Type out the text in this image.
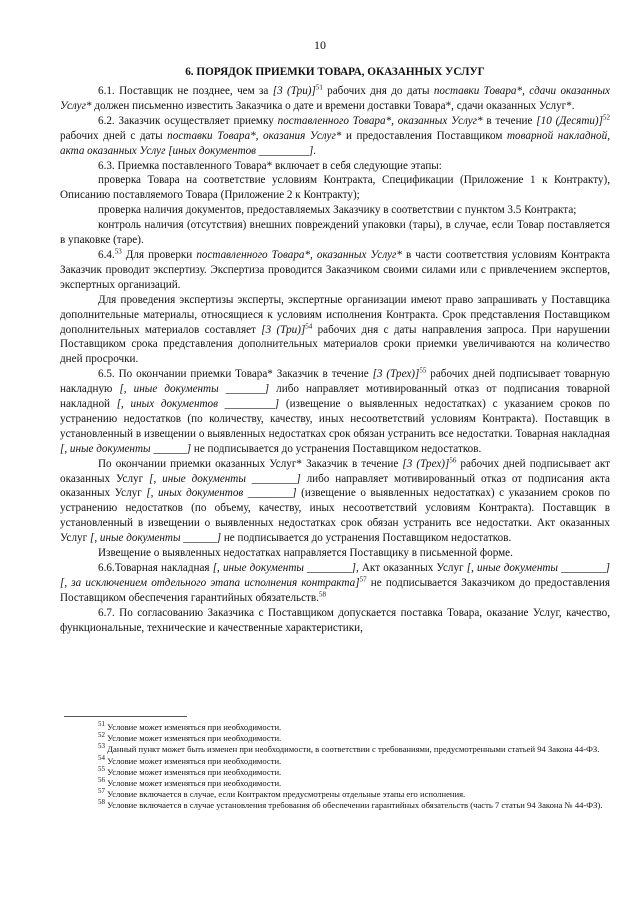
10
6. ПОРЯДОК ПРИЕМКИ ТОВАРА, ОКАЗАННЫХ УСЛУГ

6.1. Поставщик не позднее, чем за [3 (Три)]$^{51}$ рабочих дня до даты поставки Товара*, сдачи оказанных Услуг* должен письменно известить Заказчика о дате и времени доставки Товара*, сдачи оказанных Услуг*.

6.2. Заказчик осуществляет приемку поставленного Товара*, оказанных Услуг* в течение [10 (Десяти)]$^{52}$ рабочих дней с даты поставки Товара*, оказания Услуг* и предоставления Поставщиком товарной накладной, акта оказанных Услуг [иных документов _________].

6.3. Приемка поставленного Товара* включает в себя следующие этапы:

проверка Товара на соответствие условиям Контракта, Спецификации (Приложение 1 к Контракту), Описанию поставляемого Товара (Приложение 2 к Контракту);

проверка наличия документов, предоставляемых Заказчику в соответствии с пунктом 3.5 Контракта;

контроль наличия (отсутствия) внешних повреждений упаковки (тары), в случае, если Товар поставляется в упаковке (таре).

6.4.53 Для проверки поставленного Товара*, оказанных Услуг* в части соответствия условиям Контракта Заказчик проводит экспертизу. Экспертиза проводится Заказчиком своими силами или с привлечением экспертов, экспертных организаций.

Для проведения экспертизы эксперты, экспертные организации имеют право запрашивать у Поставщика дополнительные материалы, относящиеся к условиям исполнения Контракта. Срок представления Поставщиком дополнительных материалов составляет [3 (Три)]$^{54}$ рабочих дня с даты направления запроса. При нарушении Поставщиком срока представления дополнительных материалов сроки приемки увеличиваются на количество дней просрочки.

6.5. По окончании приемки Товара* Заказчик в течение [3 (Трех)]$^{55}$ рабочих дней подписывает товарную накладную [, иные документы _______] либо направляет мотивированный отказ от подписания товарной накладной [, иных документов _________] (извещение о выявленных недостатках) с указанием сроков по устранению недостатков (по количеству, качеству, иных несоответствий условиям Контракта). Поставщик в установленный в извещении о выявленных недостатках срок обязан устранить все недостатки. Товарная накладная [, иные документы ______] не подписывается до устранения Поставщиком недостатков.

По окончании приемки оказанных Услуг* Заказчик в течение [3 (Трех)]$^{56}$ рабочих дней подписывает акт оказанных Услуг [, иные документы ________] либо направляет мотивированный отказ от подписания акта оказанных Услуг [, иных документов ________] (извещение о выявленных недостатках) с указанием сроков по устранению недостатков (по объему, качеству, иных несоответствий условиям Контракта). Поставщик в установленный в извещении о выявленных недостатках срок обязан устранить все недостатки. Акт оказанных Услуг [, иные документы ______] не подписывается до устранения Поставщиком недостатков.

Извещение о выявленных недостатках направляется Поставщику в письменной форме.

6.6.Товарная накладная [, иные документы ________], Акт оказанных Услуг [, иные документы ________] [, за исключением отдельного этапа исполнения контракта]$^{57}$ не подписывается Заказчиком до предоставления Поставщиком обеспечения гарантийных обязательств.$^{58}$

6.7. По согласованию Заказчика с Поставщиком допускается поставка Товара, оказание Услуг, качество, функциональные, технические и качественные характеристики,

$^{51}$ Условие может изменяться при необходимости.

$^{52}$ Условие может изменяться при необходимости.

$^{53}$ Данный пункт может быть изменен при необходимости, в соответствии с требованиями, предусмотренными статьей 94 Закона 44-ФЗ.

$^{54}$ Условие может изменяться при необходимости.

$^{55}$ Условие может изменяться при необходимости.

$^{56}$ Условие может изменяться при необходимости.

$^{57}$ Условие включается в случае, если Контрактом предусмотрены отдельные этапы его исполнения.

$^{58}$ Условие включается в случае установления требования об обеспечении гарантийных обязательств (часть 7 статьи 94 Закона № 44-ФЗ).
